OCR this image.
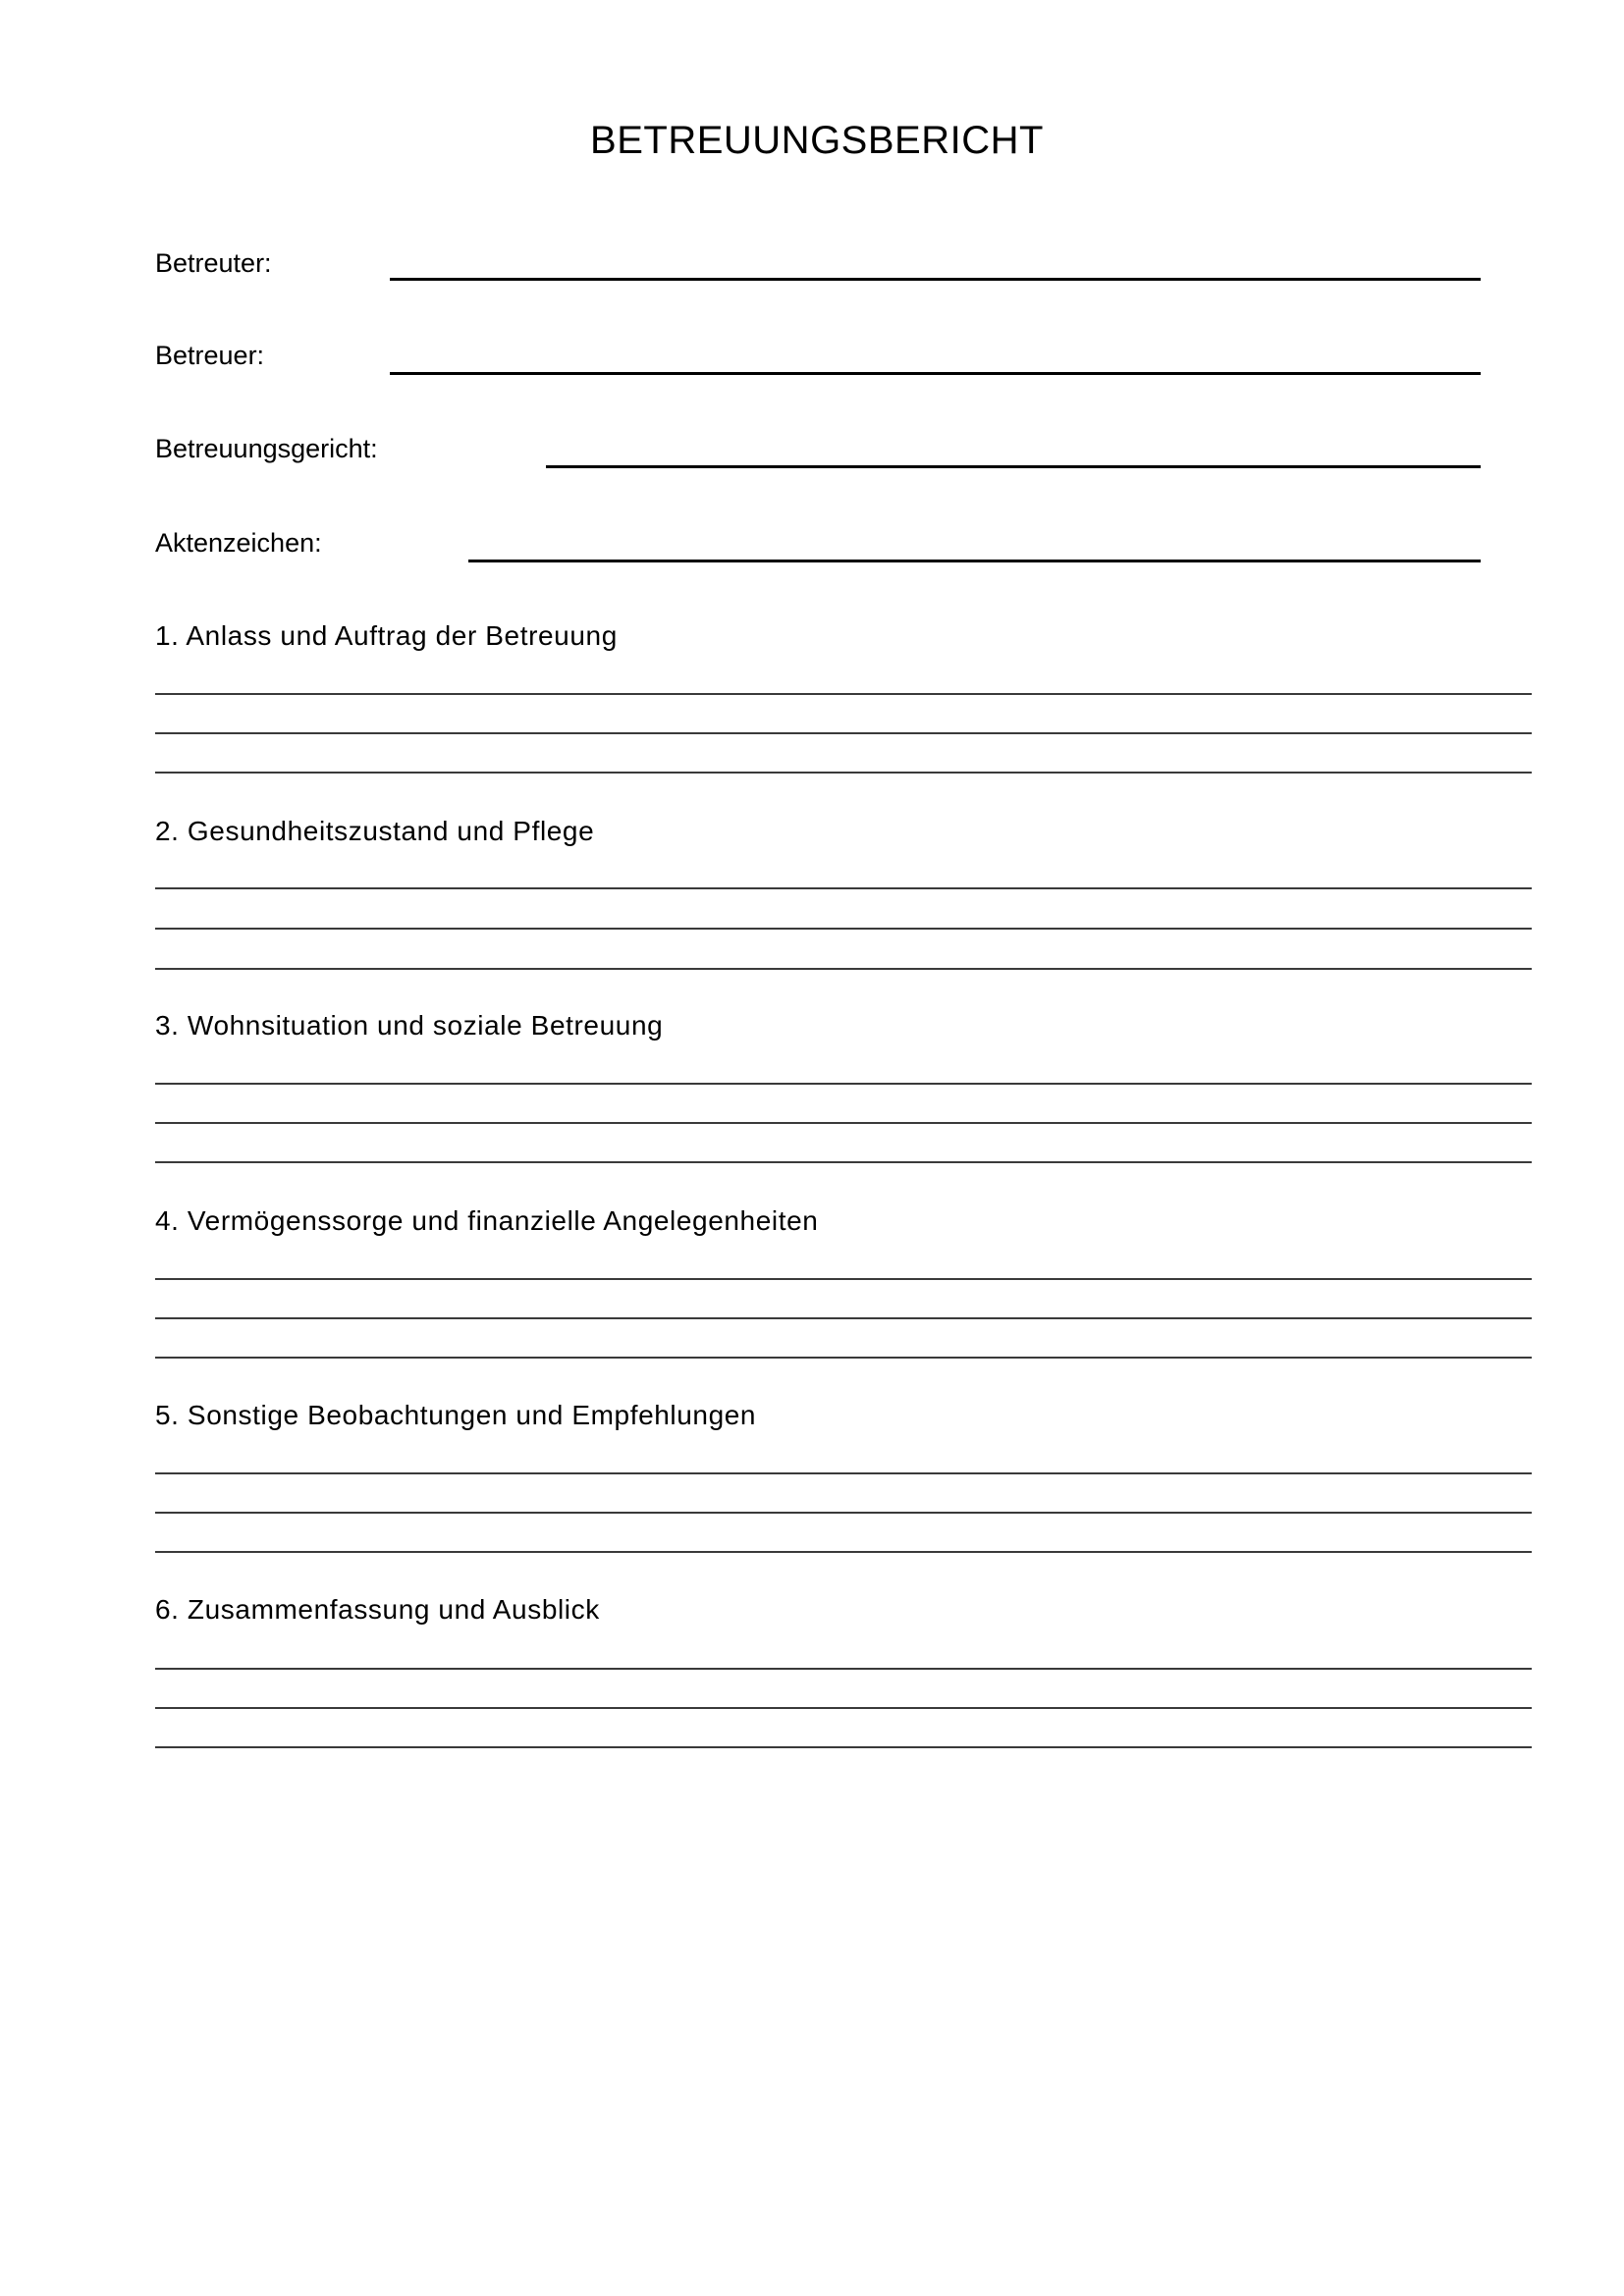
BETREUUNGSBERICHT
Betreuter:
Betreuer:
Betreuungsgericht:
Aktenzeichen:
1. Anlass und Auftrag der Betreuung
2. Gesundheitszustand und Pflege
3. Wohnsituation und soziale Betreuung
4. Vermögenssorge und finanzielle Angelegenheiten
5. Sonstige Beobachtungen und Empfehlungen
6. Zusammenfassung und Ausblick
